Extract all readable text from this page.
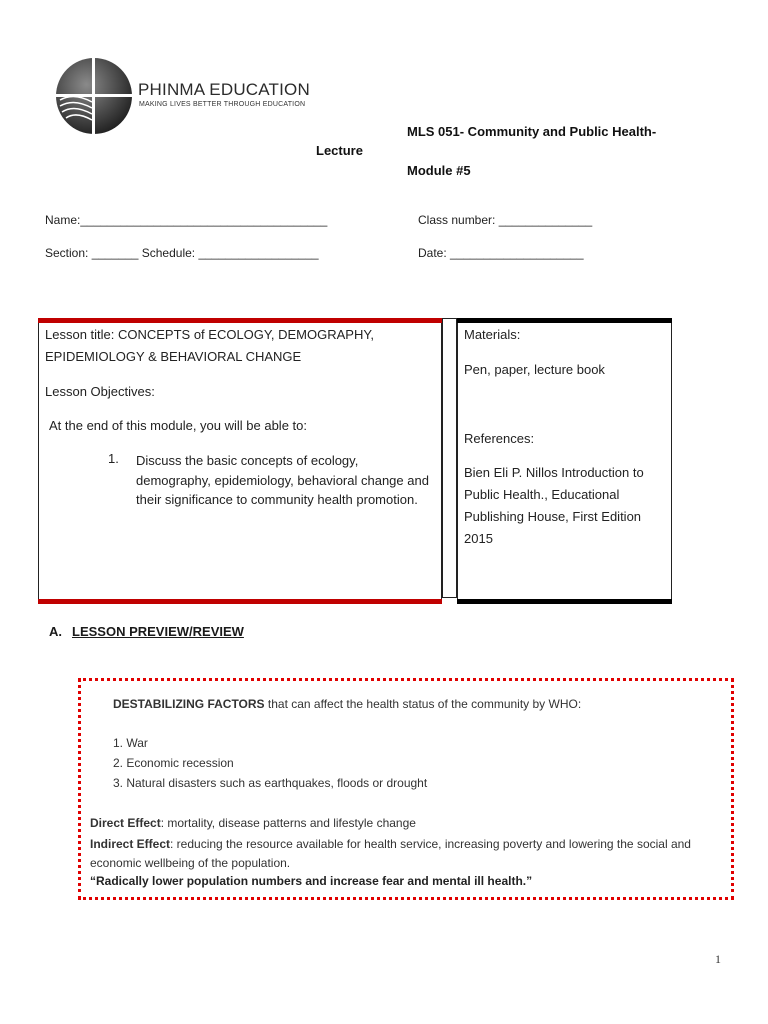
PHINMA EDUCATION
MAKING LIVES BETTER THROUGH EDUCATION
MLS 051- Community and Public Health-
Lecture
Module #5
Name:_____________________________________	Class number: ______________
Section: _______ Schedule: __________________	Date: ____________________
Lesson title: CONCEPTS of ECOLOGY, DEMOGRAPHY, EPIDEMIOLOGY & BEHAVIORAL CHANGE
Lesson Objectives:
At the end of this module, you will be able to:
1. Discuss the basic concepts of ecology, demography, epidemiology, behavioral change and their significance to community health promotion.
Materials:
Pen, paper, lecture book
References:
Bien Eli P. Nillos Introduction to Public Health., Educational Publishing House, First Edition 2015
A. LESSON PREVIEW/REVIEW
DESTABILIZING FACTORS that can affect the health status of the community by WHO:
1. War
2. Economic recession
3. Natural disasters such as earthquakes, floods or drought
Direct Effect: mortality, disease patterns and lifestyle change
Indirect Effect: reducing the resource available for health service, increasing poverty and lowering the social and economic wellbeing of the population.
“Radically lower population numbers and increase fear and mental ill health.”
1
